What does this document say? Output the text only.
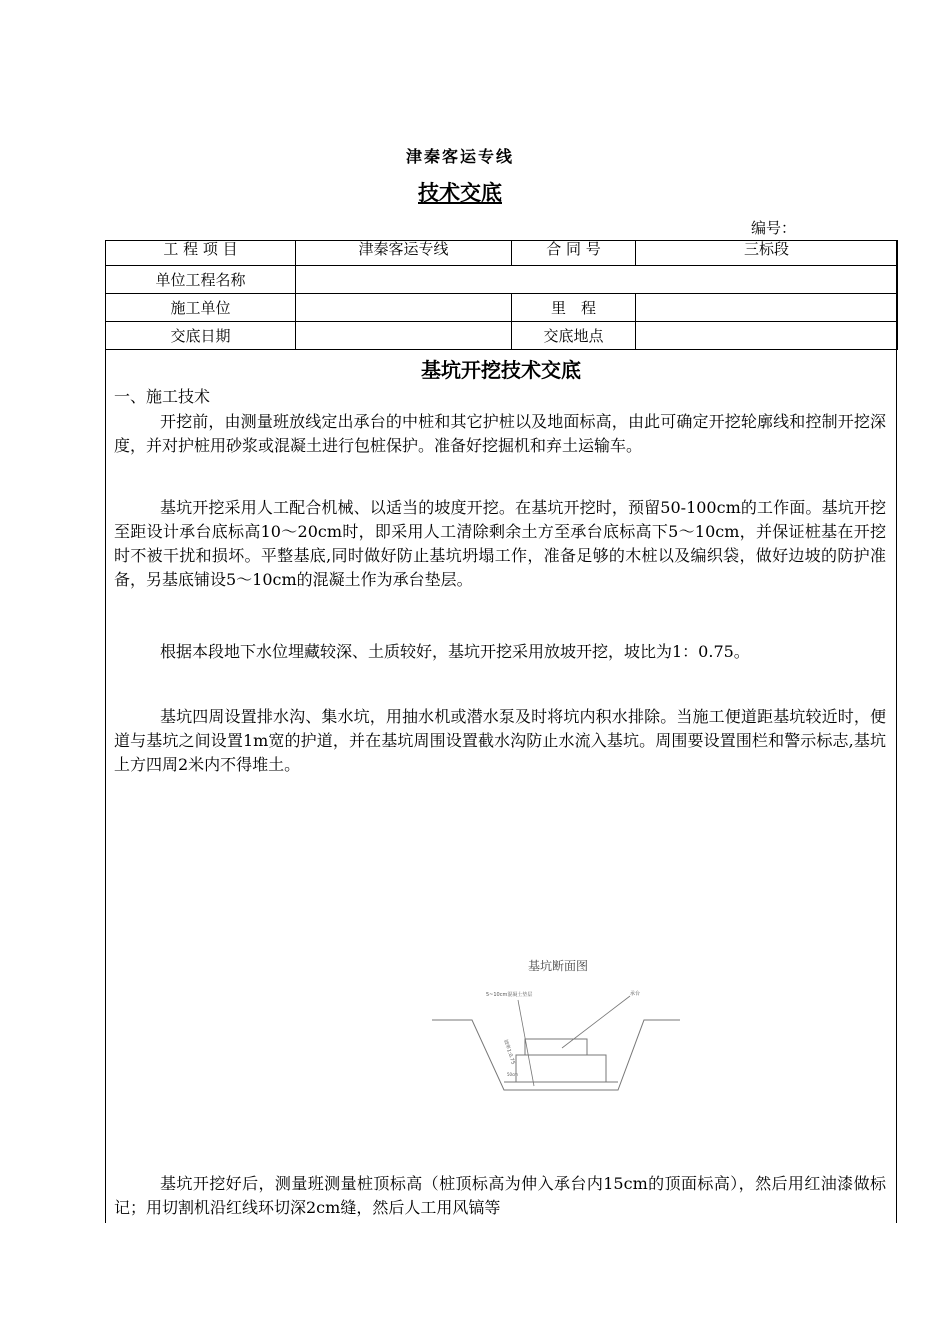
津秦客运专线
技术交底
编号：
工 程 项 目	津秦客运专线	合 同 号	三标段
单位工程名称			
施工单位		里　程	
交底日期		交底地点	
基坑开挖技术交底
一、施工技术
开挖前，由测量班放线定出承台的中桩和其它护桩以及地面标高，由此可确定开挖轮廓线和控制开挖深度，并对护桩用砂浆或混凝土进行包桩保护。准备好挖掘机和弃土运输车。
基坑开挖采用人工配合机械、以适当的坡度开挖。在基坑开挖时，预留50-100cm的工作面。基坑开挖至距设计承台底标高10～20cm时，即采用人工清除剩余土方至承台底标高下5～10cm，并保证桩基在开挖时不被干扰和损坏。平整基底,同时做好防止基坑坍塌工作，准备足够的木桩以及编织袋，做好边坡的防护准备，另基底铺设5～10cm的混凝土作为承台垫层。
根据本段地下水位埋藏较深、土质较好，基坑开挖采用放坡开挖，坡比为1：0.75。
基坑四周设置排水沟、集水坑，用抽水机或潜水泵及时将坑内积水排除。当施工便道距基坑较近时，便道与基坑之间设置1m宽的护道，并在基坑周围设置截水沟防止水流入基坑。周围要设置围栏和警示标志,基坑上方四周2米内不得堆土。
基坑断面图
5~10cm混凝土垫层	承台
坡率1:0.75
50cm
基坑开挖好后，测量班测量桩顶标高（桩顶标高为伸入承台内15cm的顶面标高），然后用红油漆做标记；用切割机沿红线环切深2cm缝，然后人工用风镐等
